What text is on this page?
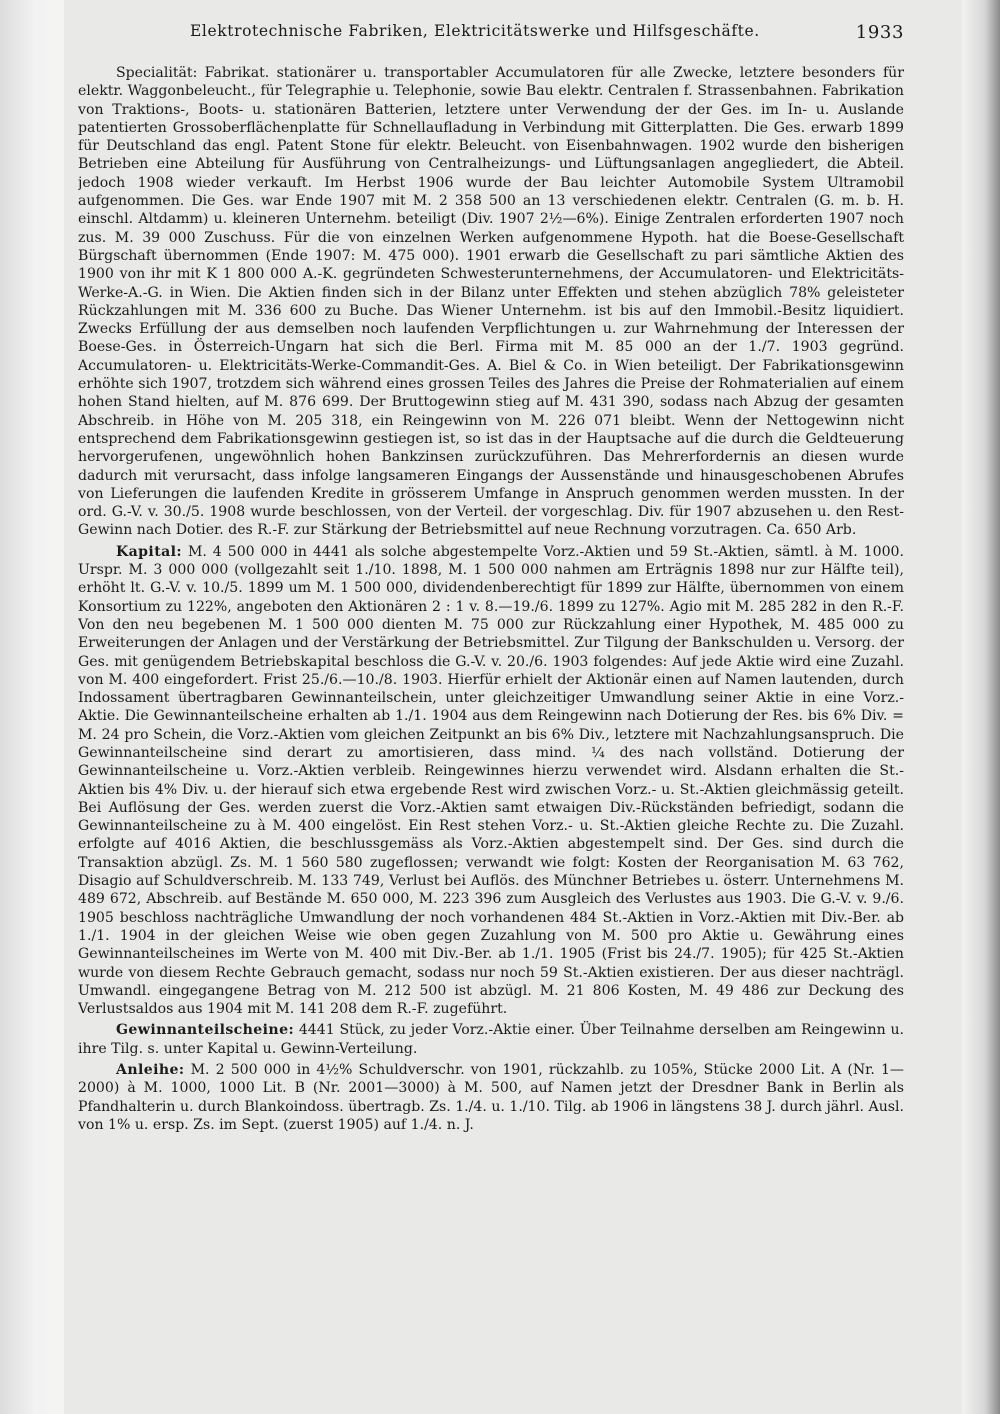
Elektrotechnische Fabriken, Elektricitätswerke und Hilfsgeschäfte.	1933

Specialität: Fabrikat. stationärer u. transportabler Accumulatoren für alle Zwecke, letztere besonders für elektr. Waggonbeleucht., für Telegraphie u. Telephonie, sowie Bau elektr. Centralen f. Strassenbahnen. Fabrikation von Traktions-, Boots- u. stationären Batterien, letztere unter Verwendung der der Ges. im In- u. Auslande patentierten Grossoberflächenplatte für Schnellaufladung in Verbindung mit Gitterplatten. Die Ges. erwarb 1899 für Deutschland das engl. Patent Stone für elektr. Beleucht. von Eisenbahnwagen. 1902 wurde den bisherigen Betrieben eine Abteilung für Ausführung von Centralheizungs- und Lüftungsanlagen angegliedert, die Abteil. jedoch 1908 wieder verkauft. Im Herbst 1906 wurde der Bau leichter Automobile System Ultramobil aufgenommen. Die Ges. war Ende 1907 mit M. 2 358 500 an 13 verschiedenen elektr. Centralen (G. m. b. H. einschl. Altdamm) u. kleineren Unternehm. beteiligt (Div. 1907 2½—6%). Einige Zentralen erforderten 1907 noch zus. M. 39 000 Zuschuss. Für die von einzelnen Werken aufgenommene Hypoth. hat die Boese-Gesellschaft Bürgschaft übernommen (Ende 1907: M. 475 000). 1901 erwarb die Gesellschaft zu pari sämtliche Aktien des 1900 von ihr mit K 1 800 000 A.-K. gegründeten Schwesterunternehmens, der Accumulatoren- und Elektricitäts-Werke-A.-G. in Wien. Die Aktien finden sich in der Bilanz unter Effekten und stehen abzüglich 78% geleisteter Rückzahlungen mit M. 336 600 zu Buche. Das Wiener Unternehm. ist bis auf den Immobil.-Besitz liquidiert. Zwecks Erfüllung der aus demselben noch laufenden Verpflichtungen u. zur Wahrnehmung der Interessen der Boese-Ges. in Österreich-Ungarn hat sich die Berl. Firma mit M. 85 000 an der 1./7. 1903 gegründ. Accumulatoren- u. Elektricitäts-Werke-Commandit-Ges. A. Biel & Co. in Wien beteiligt. Der Fabrikationsgewinn erhöhte sich 1907, trotzdem sich während eines grossen Teiles des Jahres die Preise der Rohmaterialien auf einem hohen Stand hielten, auf M. 876 699. Der Bruttogewinn stieg auf M. 431 390, sodass nach Abzug der gesamten Abschreib. in Höhe von M. 205 318, ein Reingewinn von M. 226 071 bleibt. Wenn der Nettogewinn nicht entsprechend dem Fabrikationsgewinn gestiegen ist, so ist das in der Hauptsache auf die durch die Geldteuerung hervorgerufenen, ungewöhnlich hohen Bankzinsen zurückzuführen. Das Mehrerfordernis an diesen wurde dadurch mit verursacht, dass infolge langsameren Eingangs der Aussenstände und hinausgeschobenen Abrufes von Lieferungen die laufenden Kredite in grösserem Umfange in Anspruch genommen werden mussten. In der ord. G.-V. v. 30./5. 1908 wurde beschlossen, von der Verteil. der vorgeschlag. Div. für 1907 abzusehen u. den Rest-Gewinn nach Dotier. des R.-F. zur Stärkung der Betriebsmittel auf neue Rechnung vorzutragen. Ca. 650 Arb.

Kapital: M. 4 500 000 in 4441 als solche abgestempelte Vorz.-Aktien und 59 St.-Aktien, sämtl. à M. 1000. Urspr. M. 3 000 000 (vollgezahlt seit 1./10. 1898, M. 1 500 000 nahmen am Erträgnis 1898 nur zur Hälfte teil), erhöht lt. G.-V. v. 10./5. 1899 um M. 1 500 000, dividendenberechtigt für 1899 zur Hälfte, übernommen von einem Konsortium zu 122%, angeboten den Aktionären 2 : 1 v. 8.—19./6. 1899 zu 127%. Agio mit M. 285 282 in den R.-F. Von den neu begebenen M. 1 500 000 dienten M. 75 000 zur Rückzahlung einer Hypothek, M. 485 000 zu Erweiterungen der Anlagen und der Verstärkung der Betriebsmittel. Zur Tilgung der Bankschulden u. Versorg. der Ges. mit genügendem Betriebskapital beschloss die G.-V. v. 20./6. 1903 folgendes: Auf jede Aktie wird eine Zuzahl. von M. 400 eingefordert. Frist 25./6.—10./8. 1903. Hierfür erhielt der Aktionär einen auf Namen lautenden, durch Indossament übertragbaren Gewinnanteilschein, unter gleichzeitiger Umwandlung seiner Aktie in eine Vorz.-Aktie. Die Gewinnanteilscheine erhalten ab 1./1. 1904 aus dem Reingewinn nach Dotierung der Res. bis 6% Div. = M. 24 pro Schein, die Vorz.-Aktien vom gleichen Zeitpunkt an bis 6% Div., letztere mit Nachzahlungsanspruch. Die Gewinnanteilscheine sind derart zu amortisieren, dass mind. ¼ des nach vollständ. Dotierung der Gewinnanteilscheine u. Vorz.-Aktien verbleib. Reingewinnes hierzu verwendet wird. Alsdann erhalten die St.-Aktien bis 4% Div. u. der hierauf sich etwa ergebende Rest wird zwischen Vorz.- u. St.-Aktien gleichmässig geteilt. Bei Auflösung der Ges. werden zuerst die Vorz.-Aktien samt etwaigen Div.-Rückständen befriedigt, sodann die Gewinnanteilscheine zu à M. 400 eingelöst. Ein Rest stehen Vorz.- u. St.-Aktien gleiche Rechte zu. Die Zuzahl. erfolgte auf 4016 Aktien, die beschlussgemäss als Vorz.-Aktien abgestempelt sind. Der Ges. sind durch die Transaktion abzügl. Zs. M. 1 560 580 zugeflossen; verwandt wie folgt: Kosten der Reorganisation M. 63 762, Disagio auf Schuldverschreib. M. 133 749, Verlust bei Auflös. des Münchner Betriebes u. österr. Unternehmens M. 489 672, Abschreib. auf Bestände M. 650 000, M. 223 396 zum Ausgleich des Verlustes aus 1903. Die G.-V. v. 9./6. 1905 beschloss nachträgliche Umwandlung der noch vorhandenen 484 St.-Aktien in Vorz.-Aktien mit Div.-Ber. ab 1./1. 1904 in der gleichen Weise wie oben gegen Zuzahlung von M. 500 pro Aktie u. Gewährung eines Gewinnanteilscheines im Werte von M. 400 mit Div.-Ber. ab 1./1. 1905 (Frist bis 24./7. 1905); für 425 St.-Aktien wurde von diesem Rechte Gebrauch gemacht, sodass nur noch 59 St.-Aktien existieren. Der aus dieser nachträgl. Umwandl. eingegangene Betrag von M. 212 500 ist abzügl. M. 21 806 Kosten, M. 49 486 zur Deckung des Verlustsaldos aus 1904 mit M. 141 208 dem R.-F. zugeführt.

Gewinnanteilscheine: 4441 Stück, zu jeder Vorz.-Aktie einer. Über Teilnahme derselben am Reingewinn u. ihre Tilg. s. unter Kapital u. Gewinn-Verteilung.

Anleihe: M. 2 500 000 in 4½% Schuldverschr. von 1901, rückzahlb. zu 105%, Stücke 2000 Lit. A (Nr. 1—2000) à M. 1000, 1000 Lit. B (Nr. 2001—3000) à M. 500, auf Namen jetzt der Dresdner Bank in Berlin als Pfandhalterin u. durch Blankoindoss. übertragb. Zs. 1./4. u. 1./10. Tilg. ab 1906 in längstens 38 J. durch jährl. Ausl. von 1% u. ersp. Zs. im Sept. (zuerst 1905) auf 1./4. n. J.
